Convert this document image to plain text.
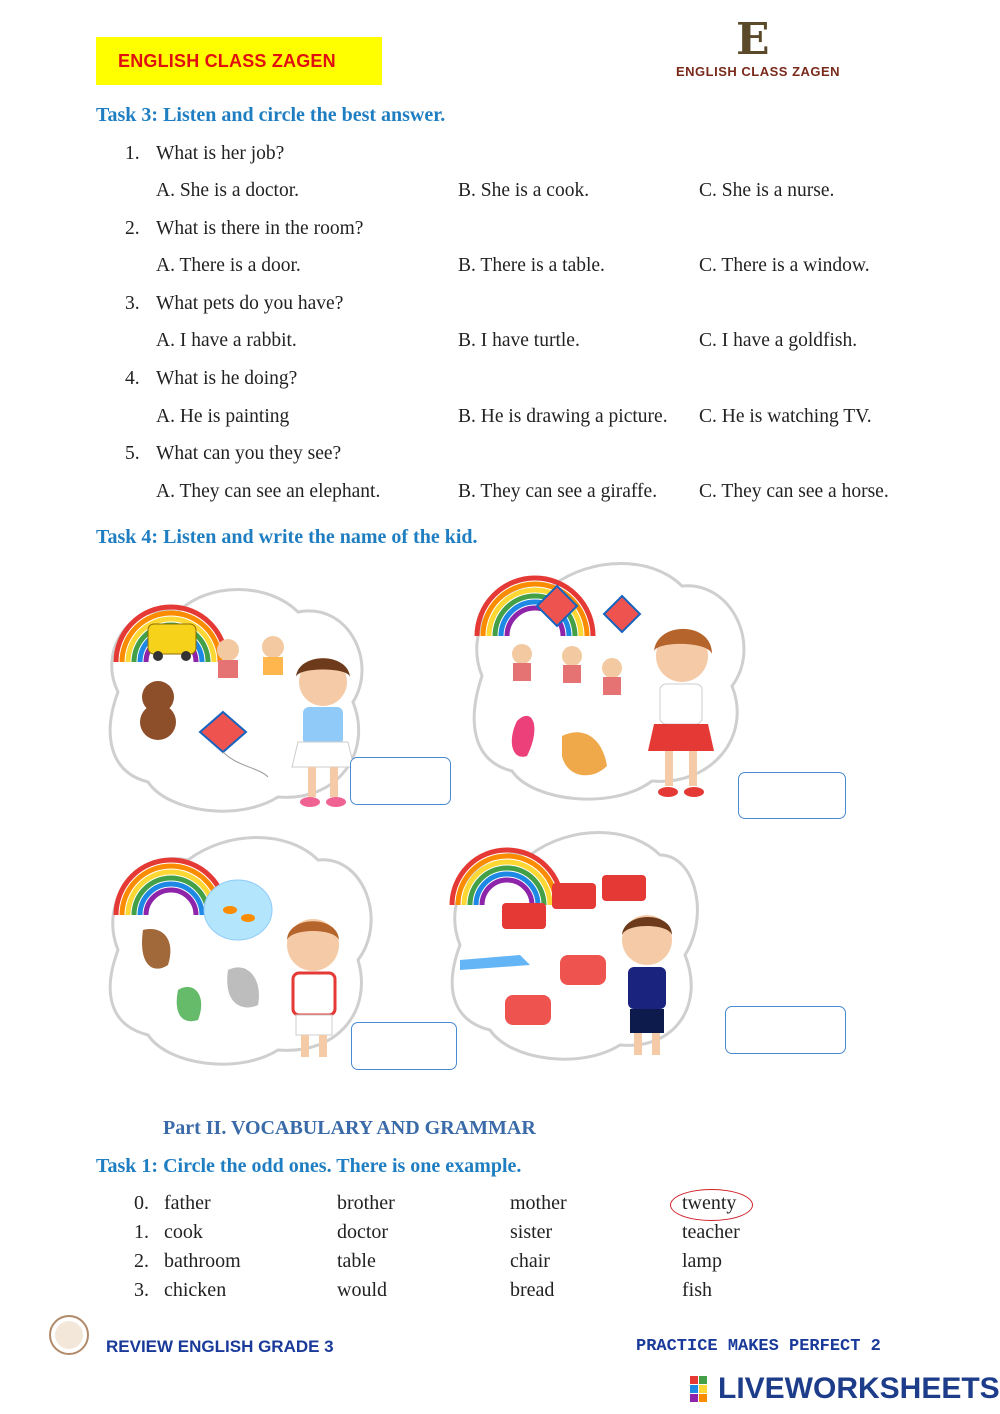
ENGLISH CLASS ZAGEN	E
ENGLISH CLASS ZAGEN
Task 3: Listen and circle the best answer.
1. What is her job?
A. She is a doctor.	B. She is a cook.	C. She is a nurse.
2. What is there in the room?
A. There is a door.	B. There is a table.	C. There is a window.
3. What pets do you have?
A. I have a rabbit.	B. I have turtle.	C. I have a goldfish.
4. What is he doing?
A. He is painting	B. He is drawing a picture. C. He is watching TV.
5. What can you they see?
A. They can see an elephant.	B. They can see a giraffe. C. They can see a horse.
Task 4: Listen and write the name of the kid.
Part II. VOCABULARY AND GRAMMAR
Task 1: Circle the odd ones. There is one example.
0. father	brother	mother	twenty
1. cook	doctor	sister	teacher
2. bathroom	table	chair	lamp
3. chicken	would	bread	fish
REVIEW ENGLISH GRADE 3	PRACTICE MAKES PERFECT 2
LIVEWORKSHEETS
